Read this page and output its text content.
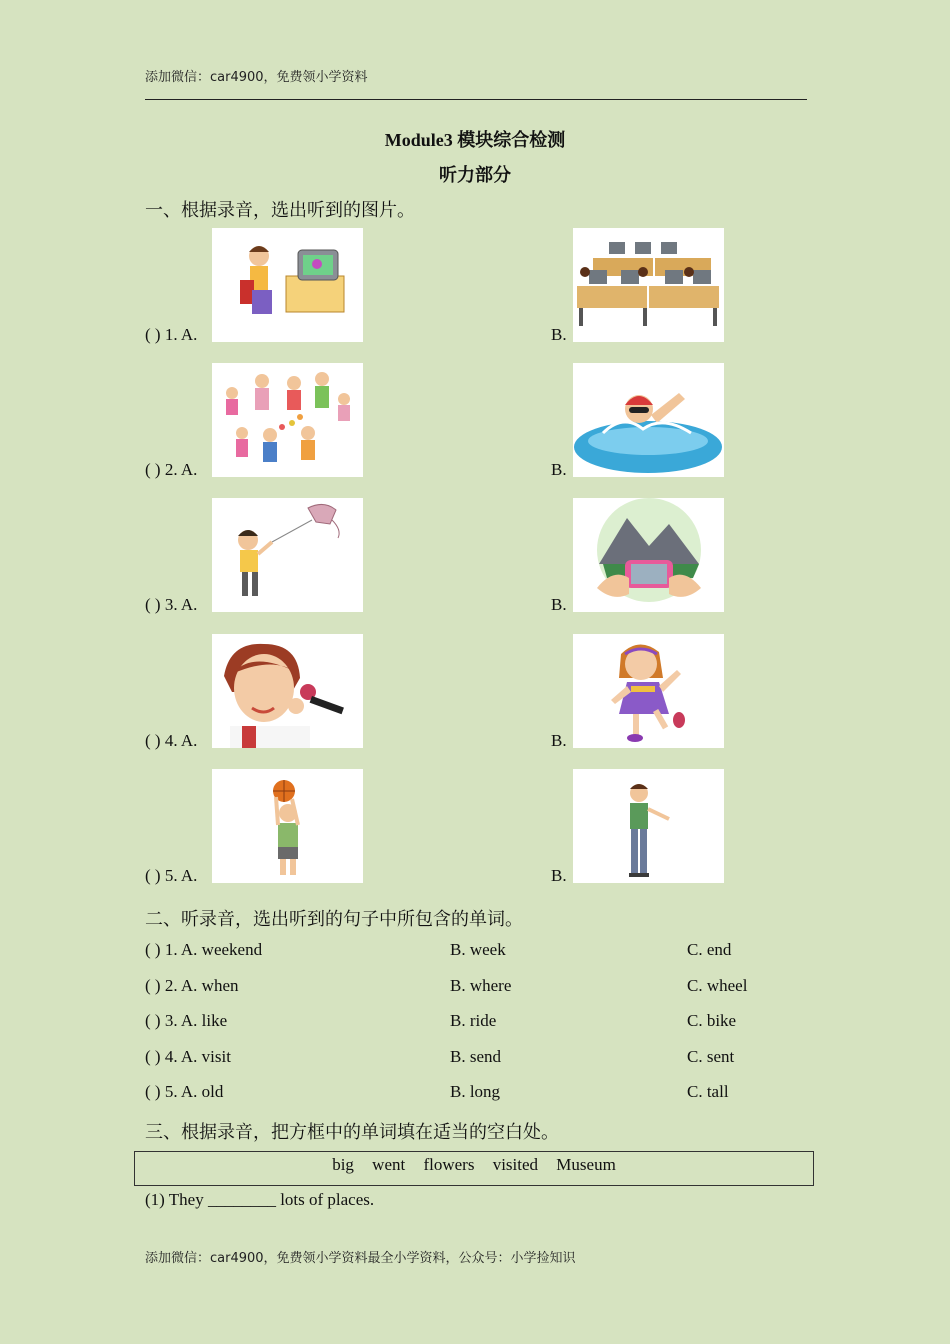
添加微信：car4900，免费领小学资料
Module3 模块综合检测
听力部分
一、根据录音，选出听到的图片。
( ) 1. A.	B.
( ) 2. A.	B.
( ) 3. A.	B.
( ) 4. A.	B.
( ) 5. A.	B.
二、听录音，选出听到的句子中所包含的单词。
( ) 1. A. weekend	B. week	C. end
( ) 2. A. when	B. where	C. wheel
( ) 3. A. like	B. ride	C. bike
( ) 4. A. visit	B. send	C. sent
( ) 5. A. old	B. long	C. tall
三、根据录音，把方框中的单词填在适当的空白处。
big went flowers visited Museum
(1) They ________ lots of places.
添加微信：car4900，免费领小学资料最全小学资料，公众号：小学捡知识
